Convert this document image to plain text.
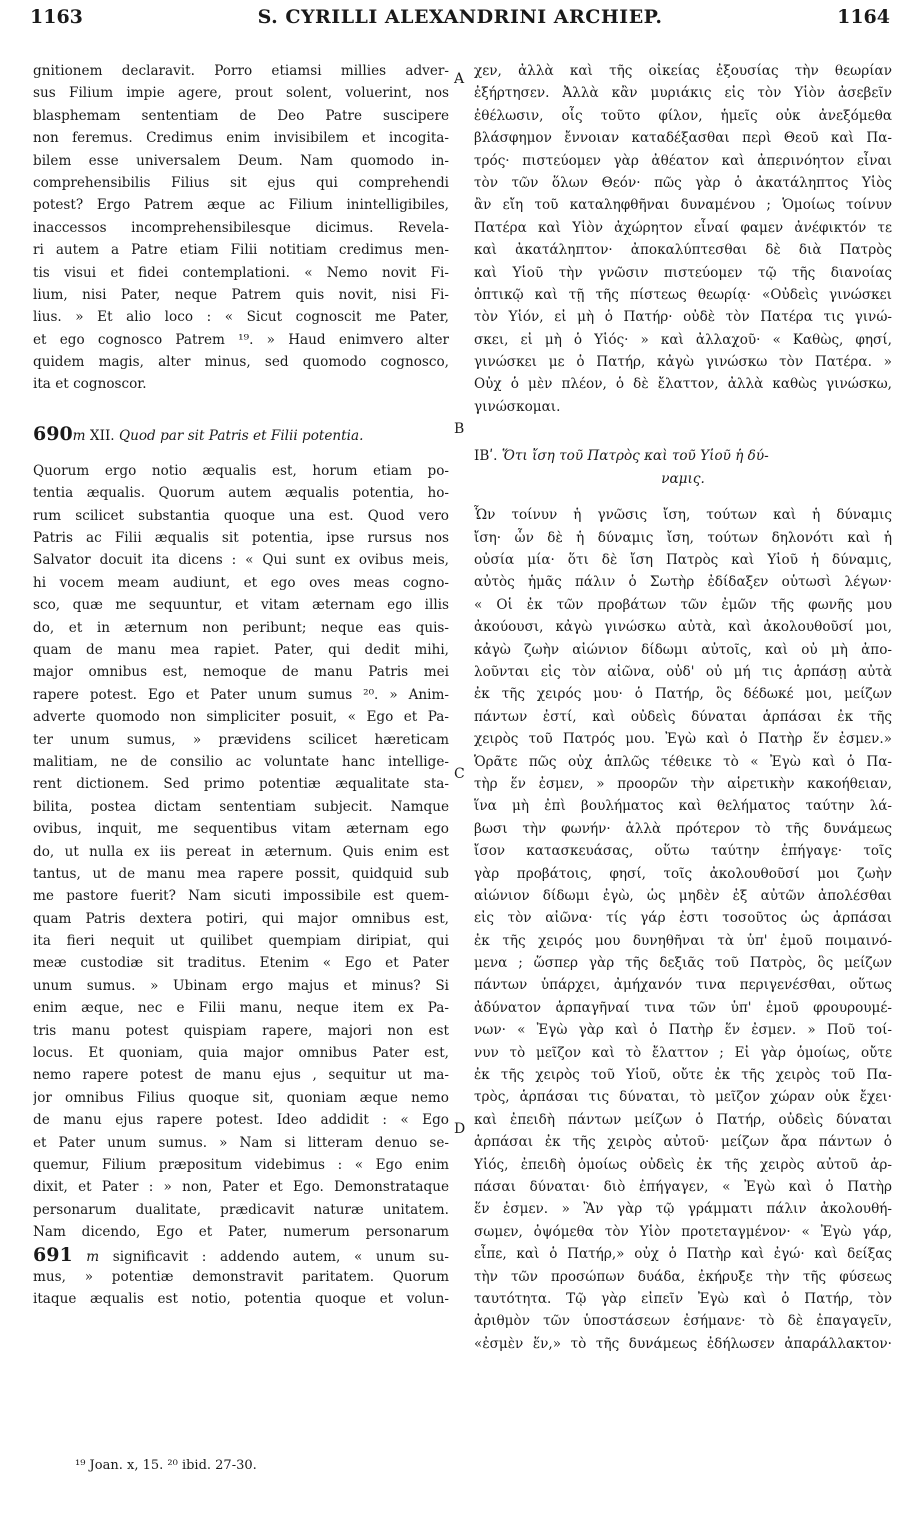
1163	S. CYRILLI ALEXANDRINI ARCHIEP.	1164
A
B
C
D
gnitionem declaravit. Porro etiamsi millies adver-
sus Filium impie agere, prout solent, voluerint, nos
blasphemam sententiam de Deo Patre suscipere
non feremus. Credimus enim invisibilem et incogita-
bilem esse universalem Deum. Nam quomodo in-
comprehensibilis Filius sit ejus qui comprehendi
potest? Ergo Patrem æque ac Filium inintelligibiles,
inaccessos incomprehensibilesque dicimus. Revela-
ri autem a Patre etiam Filii notitiam credimus men-
tis visui et fidei contemplationi. « Nemo novit Fi-
lium, nisi Pater, neque Patrem quis novit, nisi Fi-
lius. » Et alio loco : « Sicut cognoscit me Pater,
et ego cognosco Patrem ¹⁹. » Haud enimvero alter
quidem magis, alter minus, sed quomodo cognosco,
ita et cognoscor.
690m XII. Quod par sit Patris et Filii potentia.
Quorum ergo notio æqualis est, horum etiam po-
tentia æqualis. Quorum autem æqualis potentia, ho-
rum scilicet substantia quoque una est. Quod vero
Patris ac Filii æqualis sit potentia, ipse rursus nos
Salvator docuit ita dicens : « Qui sunt ex ovibus meis,
hi vocem meam audiunt, et ego oves meas cogno-
sco, quæ me sequuntur, et vitam æternam ego illis
do, et in æternum non peribunt; neque eas quis-
quam de manu mea rapiet. Pater, qui dedit mihi,
major omnibus est, nemoque de manu Patris mei
rapere potest. Ego et Pater unum sumus ²⁰. » Anim-
adverte quomodo non simpliciter posuit, « Ego et Pa-
ter unum sumus, » prævidens scilicet hæreticam
malitiam, ne de consilio ac voluntate hanc intellige-
rent dictionem. Sed primo potentiæ æqualitate sta-
bilita, postea dictam sententiam subjecit. Namque
ovibus, inquit, me sequentibus vitam æternam ego
do, ut nulla ex iis pereat in æternum. Quis enim est
tantus, ut de manu mea rapere possit, quidquid sub
me pastore fuerit? Nam sicuti impossibile est quem-
quam Patris dextera potiri, qui major omnibus est,
ita fieri nequit ut quilibet quempiam diripiat, qui
meæ custodiæ sit traditus. Etenim « Ego et Pater
unum sumus. » Ubinam ergo majus et minus? Si
enim æque, nec e Filii manu, neque item ex Pa-
tris manu potest quispiam rapere, majori non est
locus. Et quoniam, quia major omnibus Pater est,
nemo rapere potest de manu ejus , sequitur ut ma-
jor omnibus Filius quoque sit, quoniam æque nemo
de manu ejus rapere potest. Ideo addidit : « Ego
et Pater unum sumus. » Nam si litteram denuo se-
quemur, Filium præpositum videbimus : « Ego enim
dixit, et Pater : » non, Pater et Ego. Demonstrataque
personarum dualitate, prædicavit naturæ unitatem.
Nam dicendo, Ego et Pater, numerum personarum
691 m significavit : addendo autem, « unum su-
mus, » potentiæ demonstravit paritatem. Quorum
itaque æqualis est notio, potentia quoque et volun-
χεν, ἀλλὰ καὶ τῆς οἰκείας ἐξουσίας τὴν θεωρίαν
ἐξήρτησεν. Ἀλλὰ κἂν μυριάκις εἰς τὸν Υἱὸν ἀσεβεῖν
ἐθέλωσιν, οἷς τοῦτο φίλον, ἡμεῖς οὐκ ἀνεξόμεθα
βλάσφημον ἔννοιαν καταδέξασθαι περὶ Θεοῦ καὶ Πα-
τρός· πιστεύομεν γὰρ ἀθέατον καὶ ἀπερινόητον εἶναι
τὸν τῶν ὅλων Θεόν· πῶς γὰρ ὁ ἀκατάληπτος Υἱὸς
ἂν εἴη τοῦ καταληφθῆναι δυναμένου ; Ὁμοίως τοίνυν
Πατέρα καὶ Υἱὸν ἀχώρητον εἶναί φαμεν ἀνέφικτόν τε
καὶ ἀκατάληπτον· ἀποκαλύπτεσθαι δὲ διὰ Πατρὸς
καὶ Υἱοῦ τὴν γνῶσιν πιστεύομεν τῷ τῆς διανοίας
ὀπτικῷ καὶ τῇ τῆς πίστεως θεωρίᾳ· «Οὐδεὶς γινώσκει
τὸν Υἱόν, εἰ μὴ ὁ Πατήρ· οὐδὲ τὸν Πατέρα τις γινώ-
σκει, εἰ μὴ ὁ Υἱός· » καὶ ἀλλαχοῦ· « Καθὼς, φησί,
γινώσκει με ὁ Πατήρ, κἀγὼ γινώσκω τὸν Πατέρα. »
Οὐχ ὁ μὲν πλέον, ὁ δὲ ἔλαττον, ἀλλὰ καθὼς γινώσκω,
γινώσκομαι.
ΙΒʹ. Ὅτι ἴση τοῦ Πατρὸς καὶ τοῦ Υἱοῦ ἡ δύ-
ναμις.
Ὧν τοίνυν ἡ γνῶσις ἴση, τούτων καὶ ἡ δύναμις
ἴση· ὧν δὲ ἡ δύναμις ἴση, τούτων δηλονότι καὶ ἡ
οὐσία μία· ὅτι δὲ ἴση Πατρὸς καὶ Υἱοῦ ἡ δύναμις,
αὐτὸς ἡμᾶς πάλιν ὁ Σωτὴρ ἐδίδαξεν οὑτωσὶ λέγων·
« Οἱ ἐκ τῶν προβάτων τῶν ἐμῶν τῆς φωνῆς μου
ἀκούουσι, κἀγὼ γινώσκω αὐτὰ, καὶ ἀκολουθοῦσί μοι,
κἀγὼ ζωὴν αἰώνιον δίδωμι αὐτοῖς, καὶ οὐ μὴ ἀπο-
λοῦνται εἰς τὸν αἰῶνα, οὐδ' οὐ μή τις ἁρπάσῃ αὐτὰ
ἐκ τῆς χειρός μου· ὁ Πατήρ, ὃς δέδωκέ μοι, μείζων
πάντων ἐστί, καὶ οὐδεὶς δύναται ἁρπάσαι ἐκ τῆς
χειρὸς τοῦ Πατρός μου. Ἐγὼ καὶ ὁ Πατὴρ ἕν ἐσμεν.»
Ὁρᾶτε πῶς οὐχ ἁπλῶς τέθεικε τὸ « Ἐγὼ καὶ ὁ Πα-
τὴρ ἕν ἐσμεν, » προορῶν τὴν αἱρετικὴν κακοήθειαν,
ἵνα μὴ ἐπὶ βουλήματος καὶ θελήματος ταύτην λά-
βωσι τὴν φωνήν· ἀλλὰ πρότερον τὸ τῆς δυνάμεως
ἴσον κατασκευάσας, οὕτω ταύτην ἐπήγαγε· τοῖς
γὰρ προβάτοις, φησί, τοῖς ἀκολουθοῦσί μοι ζωὴν
αἰώνιον δίδωμι ἐγὼ, ὡς μηδὲν ἐξ αὐτῶν ἀπολέσθαι
εἰς τὸν αἰῶνα· τίς γάρ ἐστι τοσοῦτος ὡς ἁρπάσαι
ἐκ τῆς χειρός μου δυνηθῆναι τὰ ὑπ' ἐμοῦ ποιμαινό-
μενα ; ὥσπερ γὰρ τῆς δεξιᾶς τοῦ Πατρὸς, ὃς μείζων
πάντων ὑπάρχει, ἀμήχανόν τινα περιγενέσθαι, οὕτως
ἀδύνατον ἁρπαγῆναί τινα τῶν ὑπ' ἐμοῦ φρουρουμέ-
νων· « Ἐγὼ γὰρ καὶ ὁ Πατὴρ ἕν ἐσμεν. » Ποῦ τοί-
νυν τὸ μεῖζον καὶ τὸ ἔλαττον ; Εἰ γὰρ ὁμοίως, οὔτε
ἐκ τῆς χειρὸς τοῦ Υἱοῦ, οὔτε ἐκ τῆς χειρὸς τοῦ Πα-
τρὸς, ἁρπάσαι τις δύναται, τὸ μεῖζον χώραν οὐκ ἔχει·
καὶ ἐπειδὴ πάντων μείζων ὁ Πατήρ, οὐδεὶς δύναται
ἁρπάσαι ἐκ τῆς χειρὸς αὐτοῦ· μείζων ἄρα πάντων ὁ
Υἱός, ἐπειδὴ ὁμοίως οὐδεὶς ἐκ τῆς χειρὸς αὐτοῦ ἁρ-
πάσαι δύναται· διὸ ἐπήγαγεν, « Ἐγὼ καὶ ὁ Πατὴρ
ἕν ἐσμεν. » Ἂν γὰρ τῷ γράμματι πάλιν ἀκολουθή-
σωμεν, ὀψόμεθα τὸν Υἱὸν προτεταγμένον· « Ἐγὼ γάρ,
εἶπε, καὶ ὁ Πατήρ,» οὐχ ὁ Πατὴρ καὶ ἐγώ· καὶ δείξας
τὴν τῶν προσώπων δυάδα, ἐκήρυξε τὴν τῆς φύσεως
ταυτότητα. Τῷ γὰρ εἰπεῖν Ἐγὼ καὶ ὁ Πατήρ, τὸν
ἀριθμὸν τῶν ὑποστάσεων ἐσήμανε· τὸ δὲ ἐπαγαγεῖν,
«ἐσμὲν ἕν,» τὸ τῆς δυνάμεως ἐδήλωσεν ἀπαράλλακτον·
¹⁹ Joan. x, 15. ²⁰ ibid. 27-30.
